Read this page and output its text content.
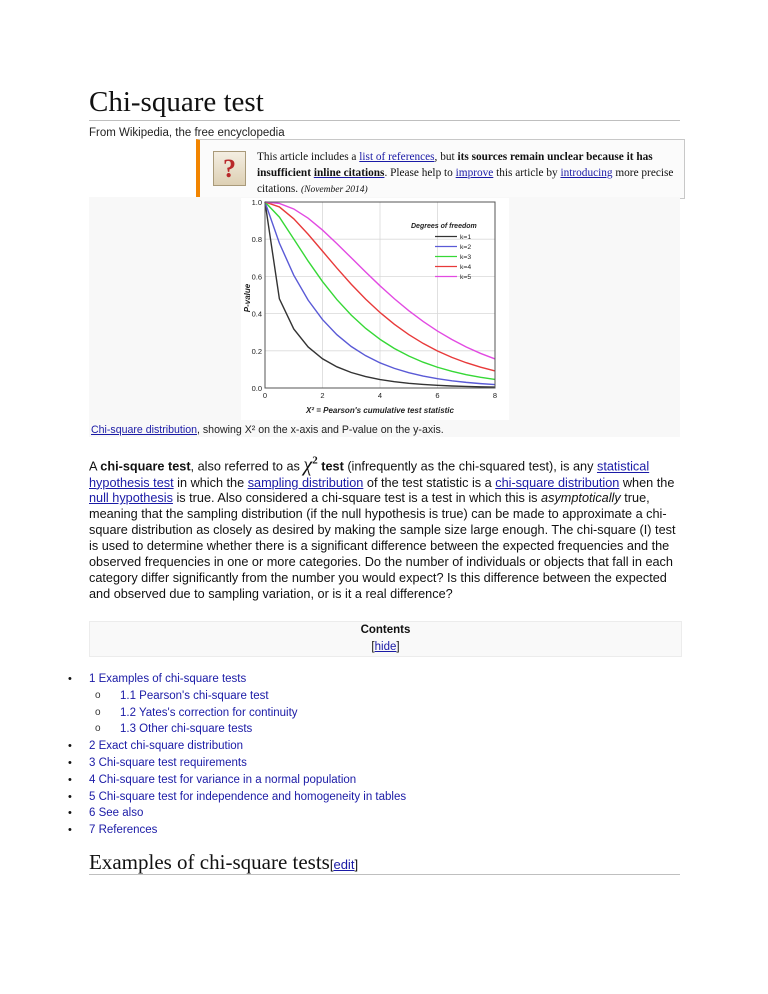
Chi-square test
From Wikipedia, the free encyclopedia
?	This article includes a list of references, but its sources remain unclear because it has insufficient inline citations. Please help to improve this article by introducing more precise citations. (November 2014)
0.0
0.2
0.4
0.6
0.8
1.0
0	2	4	6	8
Degrees of freedom
k=1
k=2
k=3
k=4
k=5
P-value
Χ² = Pearson's cumulative test statistic
Chi-square distribution, showing Χ² on the x-axis and P-value on the y-axis.
A chi-square test, also referred to as $\chi^2$ test (infrequently as the chi-squared test), is any statistical hypothesis test in which the sampling distribution of the test statistic is a chi-square distribution when the null hypothesis is true. Also considered a chi-square test is a test in which this is asymptotically true, meaning that the sampling distribution (if the null hypothesis is true) can be made to approximate a chi-square distribution as closely as desired by making the sample size large enough. The chi-square (I) test is used to determine whether there is a significant difference between the expected frequencies and the observed frequencies in one or more categories. Do the number of individuals or objects that fall in each category differ significantly from the number you would expect? Is this difference between the expected and observed due to sampling variation, or is it a real difference?
Contents
[hide]
• 1 Examples of chi-square tests
o 1.1 Pearson's chi-square test
o 1.2 Yates's correction for continuity
o 1.3 Other chi-square tests
• 2 Exact chi-square distribution
• 3 Chi-square test requirements
• 4 Chi-square test for variance in a normal population
• 5 Chi-square test for independence and homogeneity in tables
• 6 See also
• 7 References
Examples of chi-square tests[edit]
